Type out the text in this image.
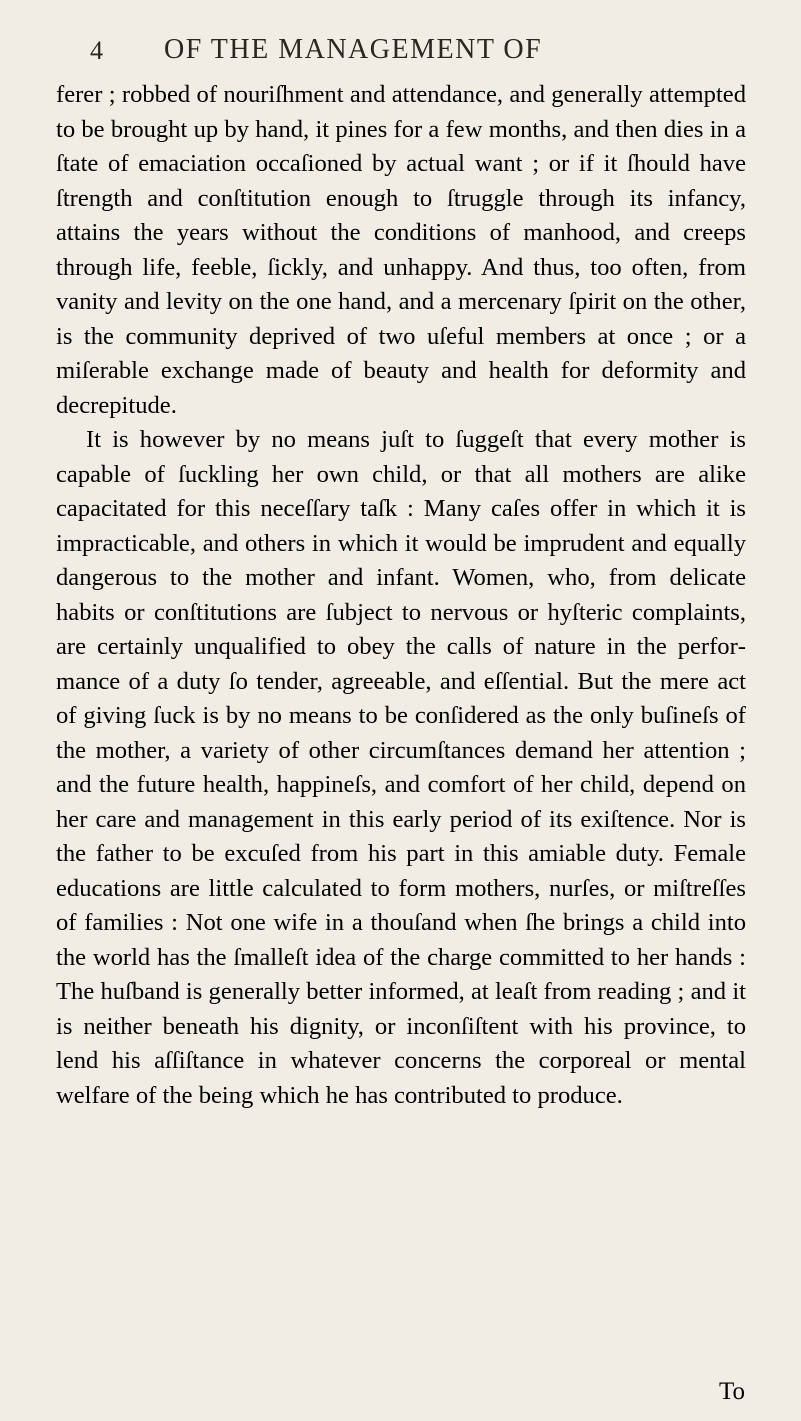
4 OF THE MANAGEMENT OF

ferer ; robbed of nouriſhment and attendance, and generally attempted to be brought up by hand, it pines for a few months, and then dies in a ſtate of emaciation occaſioned by actual want ; or if it ſhould have ſtrength and conſtitution enough to ſtruggle through its infancy, attains the years without the conditions of manhood, and creeps through life, feeble, ſickly, and unhappy. And thus, too often, from vanity and levity on the one hand, and a mercenary ſpirit on the other, is the community deprived of two uſeful members at once ; or a miſerable exchange made of beauty and health for deformity and decrepitude.

It is however by no means juſt to ſuggeſt that every mother is capable of ſuckling her own child, or that all mothers are alike capacitated for this neceſſary taſk : Many caſes offer in which it is impracticable, and others in which it would be imprudent and equally dangerous to the mother and infant. Women, who, from delicate habits or conſtitutions are ſubject to nervous or hyſteric complaints, are certainly unqualified to obey the calls of nature in the performance of a duty ſo tender, agreeable, and eſſential. But the mere act of giving ſuck is by no means to be conſidered as the only buſineſs of the mother, a variety of other circumſtances demand her attention ; and the future health, happineſs, and comfort of her child, depend on her care and management in this early period of its exiſtence. Nor is the father to be excuſed from his part in this amiable duty. Female educations are little calculated to form mothers, nurſes, or miſtreſſes of families : Not one wife in a thouſand when ſhe brings a child into the world has the ſmalleſt idea of the charge committed to her hands : The huſband is generally better informed, at leaſt from reading ; and it is neither beneath his dignity, or inconſiſtent with his province, to lend his aſſiſtance in whatever concerns the corporeal or mental welfare of the being which he has contributed to produce.

To
